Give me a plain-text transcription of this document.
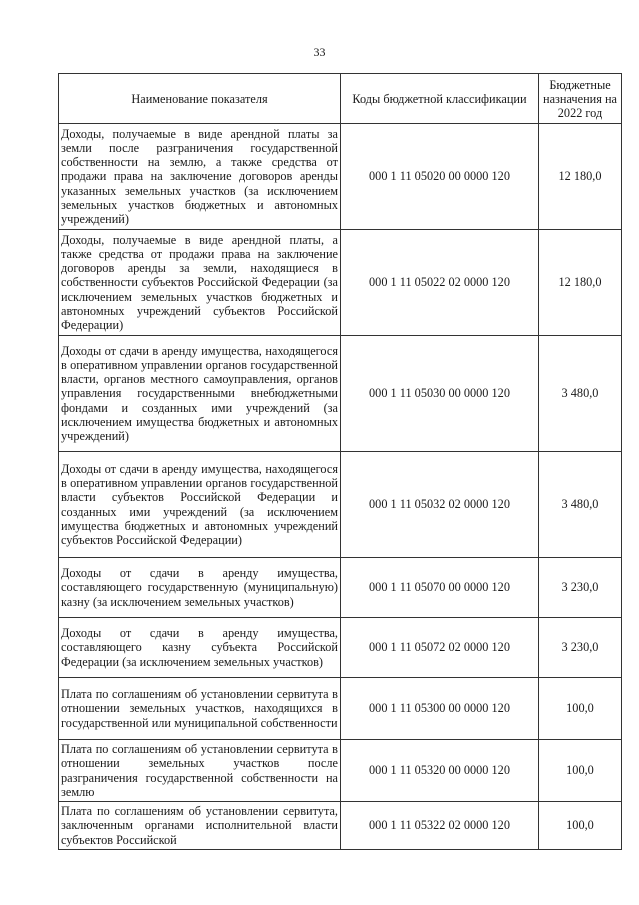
33
Наименование показателя	Коды бюджетной классификации	Бюджетные назначения на 2022 год
Доходы, получаемые в виде арендной платы за земли после разграничения государственной собственности на землю, а также средства от продажи права на заключение договоров аренды указанных земельных участков (за исключением земельных участков бюджетных и автономных учреждений)	000 1 11 05020 00 0000 120	12 180,0
Доходы, получаемые в виде арендной платы, а также средства от продажи права на заключение договоров аренды за земли, находящиеся в собственности субъектов Российской Федерации (за исключением земельных участков бюджетных и автономных учреждений субъектов Российской Федерации)	000 1 11 05022 02 0000 120	12 180,0
Доходы от сдачи в аренду имущества, находящегося в оперативном управлении органов государственной власти, органов местного самоуправления, органов управления государственными внебюджетными фондами и созданных ими учреждений (за исключением имущества бюджетных и автономных учреждений)	000 1 11 05030 00 0000 120	3 480,0
Доходы от сдачи в аренду имущества, находящегося в оперативном управлении органов государственной власти субъектов Российской Федерации и созданных ими учреждений (за исключением имущества бюджетных и автономных учреждений субъектов Российской Федерации)	000 1 11 05032 02 0000 120	3 480,0
Доходы от сдачи в аренду имущества, составляющего государственную (муниципальную) казну (за исключением земельных участков)	000 1 11 05070 00 0000 120	3 230,0
Доходы от сдачи в аренду имущества, составляющего казну субъекта Российской Федерации (за исключением земельных участков)	000 1 11 05072 02 0000 120	3 230,0
Плата по соглашениям об установлении сервитута в отношении земельных участков, находящихся в государственной или муниципальной собственности	000 1 11 05300 00 0000 120	100,0
Плата по соглашениям об установлении сервитута в отношении земельных участков после разграничения государственной собственности на землю	000 1 11 05320 00 0000 120	100,0
Плата по соглашениям об установлении сервитута, заключенным органами исполнительной власти субъектов Российской	000 1 11 05322 02 0000 120	100,0
